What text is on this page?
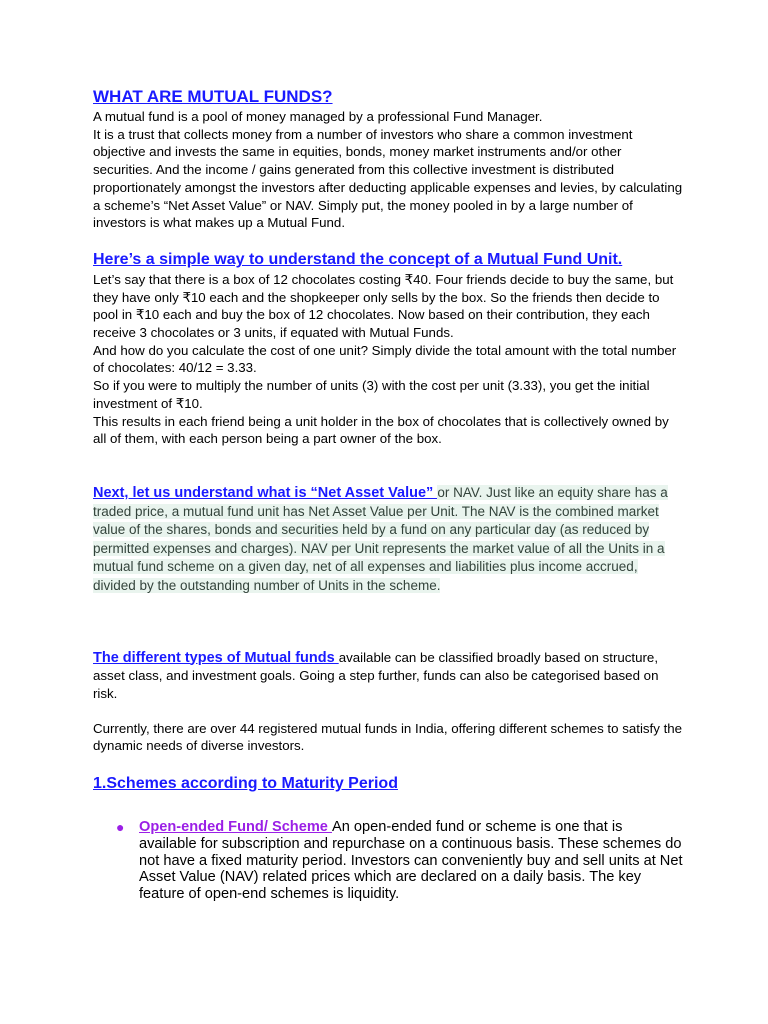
WHAT ARE MUTUAL FUNDS?

A mutual fund is a pool of money managed by a professional Fund Manager.

It is a trust that collects money from a number of investors who share a common investment objective and invests the same in equities, bonds, money market instruments and/or other securities. And the income / gains generated from this collective investment is distributed proportionately amongst the investors after deducting applicable expenses and levies, by calculating a scheme’s “Net Asset Value” or NAV. Simply put, the money pooled in by a large number of investors is what makes up a Mutual Fund.

Here’s a simple way to understand the concept of a Mutual Fund Unit.

Let’s say that there is a box of 12 chocolates costing ₹40. Four friends decide to buy the same, but they have only ₹10 each and the shopkeeper only sells by the box. So the friends then decide to pool in ₹10 each and buy the box of 12 chocolates. Now based on their contribution, they each receive 3 chocolates or 3 units, if equated with Mutual Funds.

And how do you calculate the cost of one unit? Simply divide the total amount with the total number of chocolates: 40/12 = 3.33.

So if you were to multiply the number of units (3) with the cost per unit (3.33), you get the initial investment of ₹10.

This results in each friend being a unit holder in the box of chocolates that is collectively owned by all of them, with each person being a part owner of the box.

Next, let us understand what is “Net Asset Value” or NAV. Just like an equity share has a traded price, a mutual fund unit has Net Asset Value per Unit. The NAV is the combined market value of the shares, bonds and securities held by a fund on any particular day (as reduced by permitted expenses and charges). NAV per Unit represents the market value of all the Units in a mutual fund scheme on a given day, net of all expenses and liabilities plus income accrued, divided by the outstanding number of Units in the scheme.

The different types of Mutual funds available can be classified broadly based on structure, asset class, and investment goals. Going a step further, funds can also be categorised based on risk.

Currently, there are over 44 registered mutual funds in India, offering different schemes to satisfy the dynamic needs of diverse investors.

1.Schemes according to Maturity Period
● Open-ended Fund/ Scheme An open-ended fund or scheme is one that is available for subscription and repurchase on a continuous basis. These schemes do not have a fixed maturity period. Investors can conveniently buy and sell units at Net Asset Value (NAV) related prices which are declared on a daily basis. The key feature of open-end schemes is liquidity.
